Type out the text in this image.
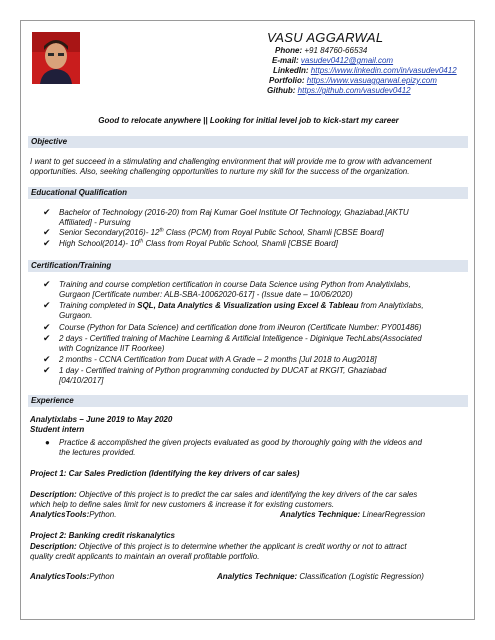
VASU AGGARWAL
Phone: +91 84760-66534
E-mail: vasudev0412@gmail.com
LinkedIn: https://www.linkedin.com/in/vasudev0412
Portfolio: https://www.vasuaggarwal.epizy.com
Github: https://github.com/vasudev0412
Good to relocate anywhere || Looking for initial level job to kick-start my career
Objective
I want to get succeed in a stimulating and challenging environment that will provide me to grow with advancement
opportunities. Also, seeking challenging opportunities to nurture my skill for the success of the organization.
Educational Qualification
✔ Bachelor of Technology (2016-20) from Raj Kumar Goel Institute Of Technology, Ghaziabad.[AKTU
Affiliated] - Pursuing
✔ Senior Secondary(2016)- 12th Class (PCM) from Royal Public School, Shamli [CBSE Board]
✔ High School(2014)- 10th Class from Royal Public School, Shamli [CBSE Board]
Certification/Training
✔ Training and course completion certification in course Data Science using Python from Analytixlabs,
Gurgaon [Certificate number: ALB-SBA-10062020-617] - (Issue date – 10/06/2020)
✔ Training completed in SQL, Data Analytics & Visualization using Excel & Tableau from Analytixlabs,
Gurgaon.
✔ Course (Python for Data Science) and certification done from iNeuron (Certificate Number: PY001486)
✔ 2 days - Certified training of Machine Learning & Artificial Intelligence - Diginique TechLabs(Associated
with Cognizance IIT Roorkee)
✔ 2 months - CCNA Certification from Ducat with A Grade – 2 months [Jul 2018 to Aug2018]
✔ 1 day - Certified training of Python programming conducted by DUCAT at RKGIT, Ghaziabad
[04/10/2017]
Experience
Analytixlabs – June 2019 to May 2020
Student intern
● Practice & accomplished the given projects evaluated as good by thoroughly going with the videos and
the lectures provided.
Project 1: Car Sales Prediction (Identifying the key drivers of car sales)
Description: Objective of this project is to predict the car sales and identifying the key drivers of the car sales
which help to define sales limit for new customers & increase it for existing customers.
AnalyticsTools:Python.	Analytics Technique: LinearRegression
Project 2: Banking credit riskanalytics
Description: Objective of this project is to determine whether the applicant is credit worthy or not to attract
quality credit applicants to maintain an overall profitable portfolio.
AnalyticsTools:Python	Analytics Technique: Classification (Logistic Regression)
